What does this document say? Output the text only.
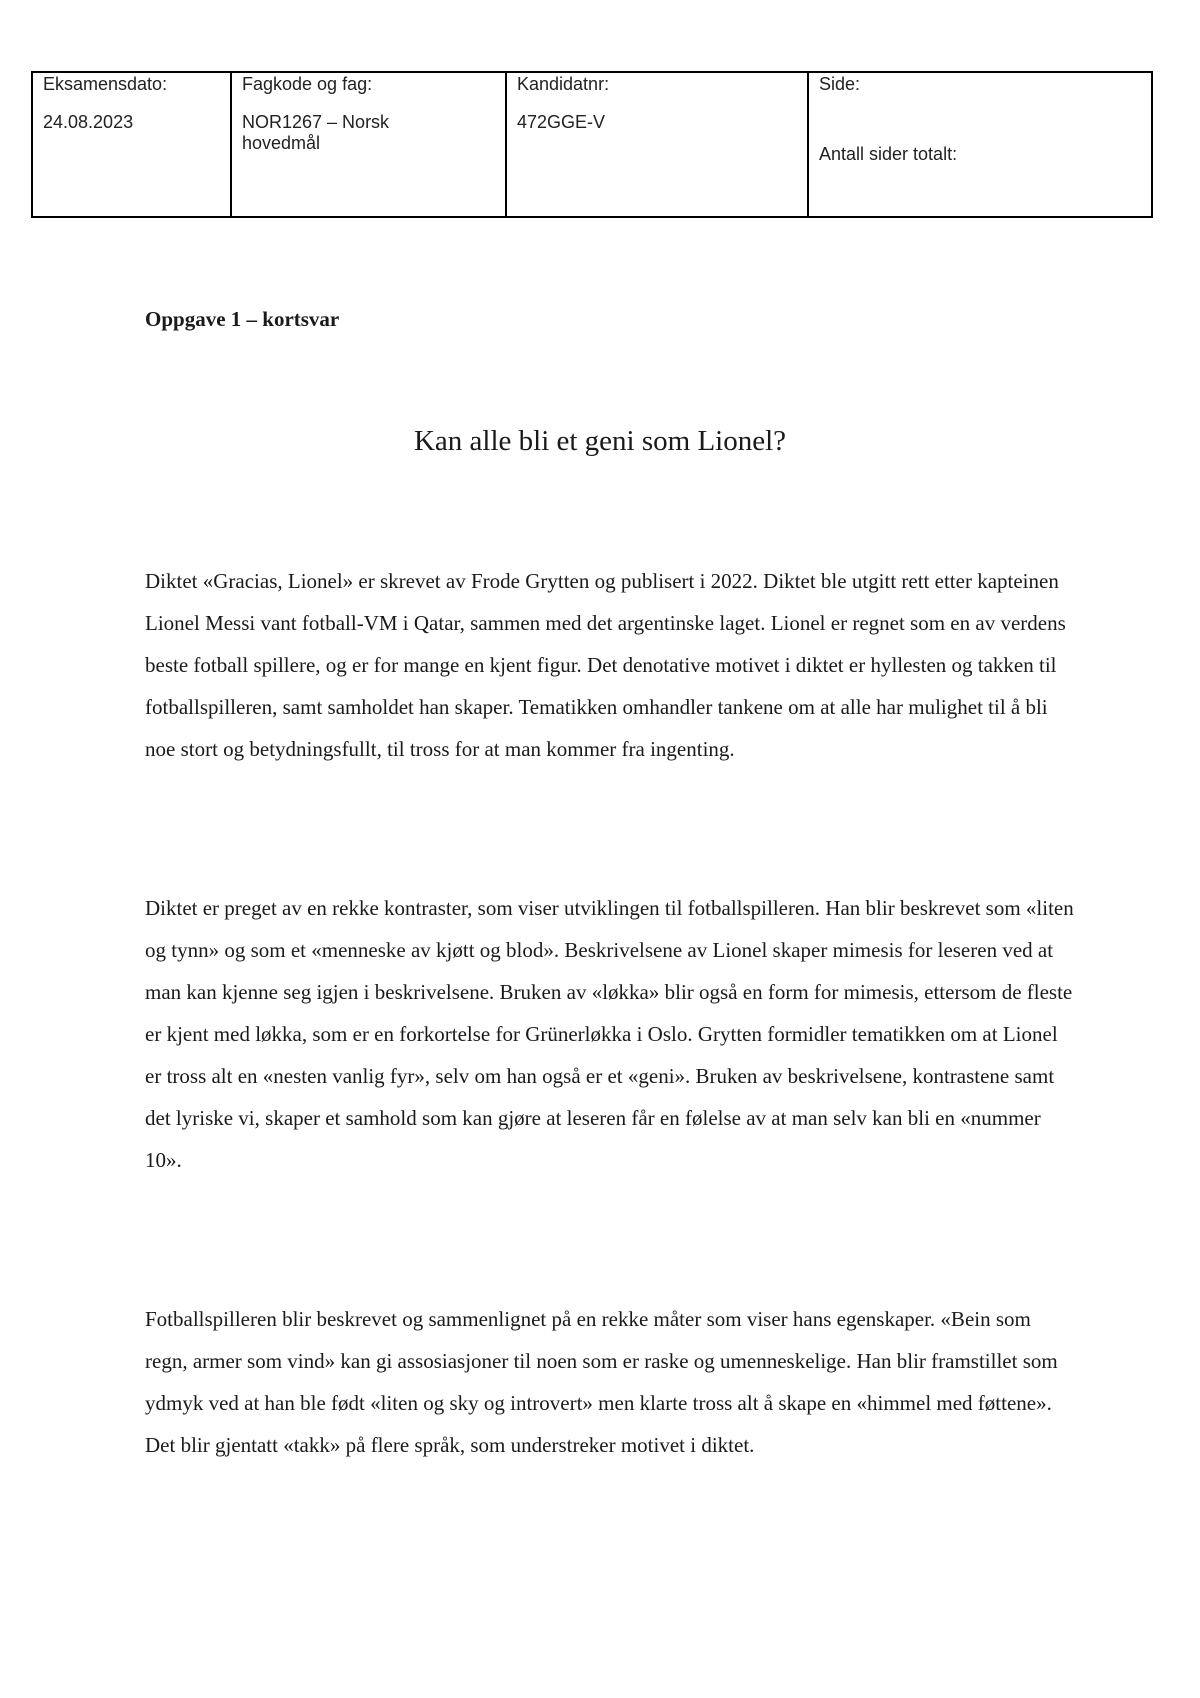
Eksamensdato:
24.08.2023

Fagkode og fag:
NOR1267 – Norsk hovedmål

Kandidatnr:
472GGE-V

Side:
Antall sider totalt:
Oppgave 1 – kortsvar
Kan alle bli et geni som Lionel?

Diktet «Gracias, Lionel» er skrevet av Frode Grytten og publisert i 2022. Diktet ble utgitt rett etter kapteinen Lionel Messi vant fotball-VM i Qatar, sammen med det argentinske laget. Lionel er regnet som en av verdens beste fotball spillere, og er for mange en kjent figur. Det denotative motivet i diktet er hyllesten og takken til fotballspilleren, samt samholdet han skaper. Tematikken omhandler tankene om at alle har mulighet til å bli noe stort og betydningsfullt, til tross for at man kommer fra ingenting.

Diktet er preget av en rekke kontraster, som viser utviklingen til fotballspilleren. Han blir beskrevet som «liten og tynn» og som et «menneske av kjøtt og blod». Beskrivelsene av Lionel skaper mimesis for leseren ved at man kan kjenne seg igjen i beskrivelsene. Bruken av «løkka» blir også en form for mimesis, ettersom de fleste er kjent med løkka, som er en forkortelse for Grünerløkka i Oslo. Grytten formidler tematikken om at Lionel er tross alt en «nesten vanlig fyr», selv om han også er et «geni». Bruken av beskrivelsene, kontrastene samt det lyriske vi, skaper et samhold som kan gjøre at leseren får en følelse av at man selv kan bli en «nummer 10».

Fotballspilleren blir beskrevet og sammenlignet på en rekke måter som viser hans egenskaper. «Bein som regn, armer som vind» kan gi assosiasjoner til noen som er raske og umenneskelige. Han blir framstillet som ydmyk ved at han ble født «liten og sky og introvert» men klarte tross alt å skape en «himmel med føttene». Det blir gjentatt «takk» på flere språk, som understreker motivet i diktet.
